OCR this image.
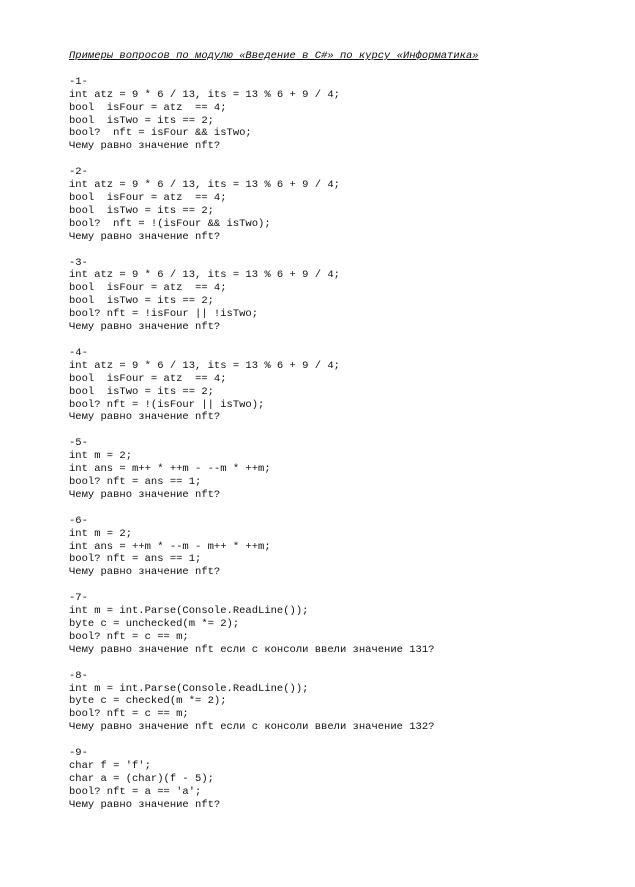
Примеры вопросов по модулю «Введение в C#» по курсу «Информатика»
-1-
int atz = 9 * 6 / 13, its = 13 % 6 + 9 / 4;
bool  isFour = atz  == 4;
bool  isTwo = its == 2;
bool?  nft = isFour && isTwo;
Чему равно значение nft?
-2-
int atz = 9 * 6 / 13, its = 13 % 6 + 9 / 4;
bool  isFour = atz  == 4;
bool  isTwo = its == 2;
bool?  nft = !(isFour && isTwo);
Чему равно значение nft?
-3-
int atz = 9 * 6 / 13, its = 13 % 6 + 9 / 4;
bool  isFour = atz  == 4;
bool  isTwo = its == 2;
bool? nft = !isFour || !isTwo;
Чему равно значение nft?
-4-
int atz = 9 * 6 / 13, its = 13 % 6 + 9 / 4;
bool  isFour = atz  == 4;
bool  isTwo = its == 2;
bool? nft = !(isFour || isTwo);
Чему равно значение nft?
-5-
int m = 2;
int ans = m++ * ++m - --m * ++m;
bool? nft = ans == 1;
Чему равно значение nft?
-6-
int m = 2;
int ans = ++m * --m - m++ * ++m;
bool? nft = ans == 1;
Чему равно значение nft?
-7-
int m = int.Parse(Console.ReadLine());
byte c = unchecked(m *= 2);
bool? nft = c == m;
Чему равно значение nft если с консоли ввели значение 131?
-8-
int m = int.Parse(Console.ReadLine());
byte c = checked(m *= 2);
bool? nft = c == m;
Чему равно значение nft если с консоли ввели значение 132?
-9-
char f = 'f';
char a = (char)(f - 5);
bool? nft = a == 'a';
Чему равно значение nft?
